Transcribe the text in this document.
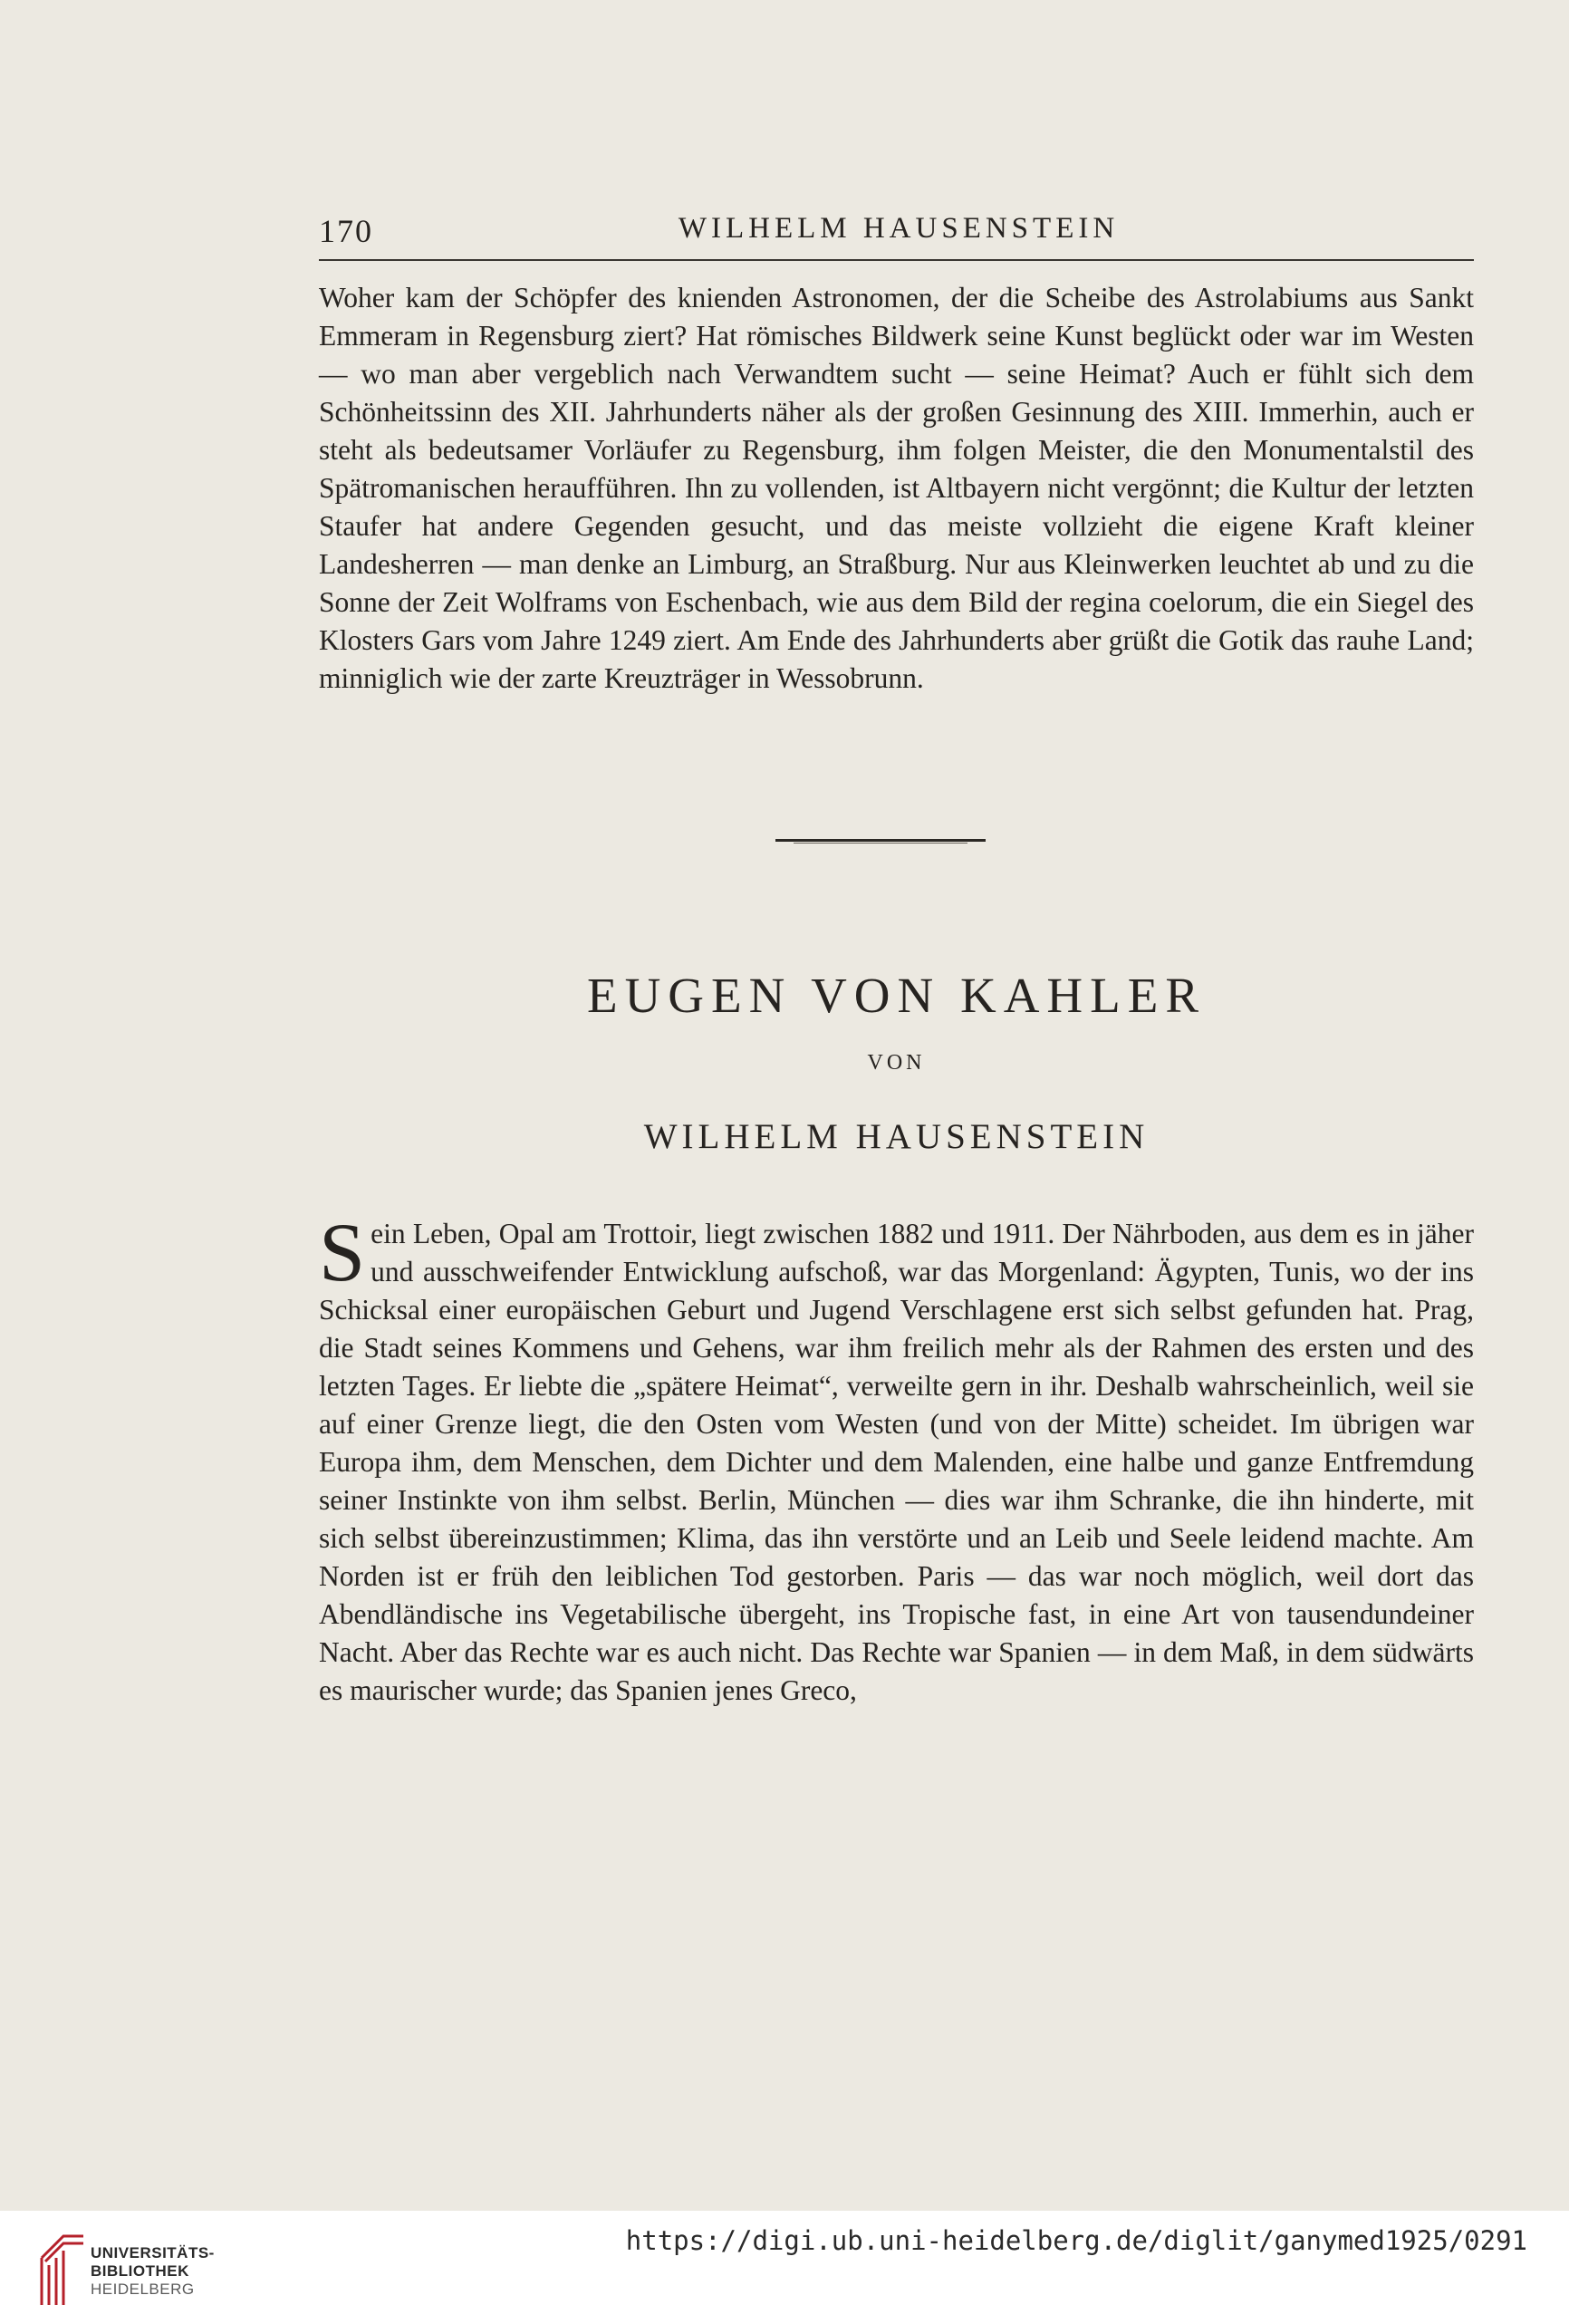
170	WILHELM HAUSENSTEIN

Woher kam der Schöpfer des knienden Astronomen, der die Scheibe des Astrolabiums aus Sankt Emmeram in Regensburg ziert? Hat römisches Bildwerk seine Kunst beglückt oder war im Westen — wo man aber vergeblich nach Verwandtem sucht — seine Heimat? Auch er fühlt sich dem Schönheitssinn des XII. Jahrhunderts näher als der großen Gesinnung des XIII. Immerhin, auch er steht als bedeutsamer Vorläufer zu Regensburg, ihm folgen Meister, die den Monumentalstil des Spätromanischen heraufführen. Ihn zu vollenden, ist Altbayern nicht vergönnt; die Kultur der letzten Staufer hat andere Gegenden gesucht, und das meiste vollzieht die eigene Kraft kleiner Landesherren — man denke an Limburg, an Straßburg. Nur aus Kleinwerken leuchtet ab und zu die Sonne der Zeit Wolframs von Eschenbach, wie aus dem Bild der regina coelorum, die ein Siegel des Klosters Gars vom Jahre 1249 ziert. Am Ende des Jahrhunderts aber grüßt die Gotik das rauhe Land; minniglich wie der zarte Kreuzträger in Wessobrunn.

EUGEN VON KAHLER
VON
WILHELM HAUSENSTEIN

Sein Leben, Opal am Trottoir, liegt zwischen 1882 und 1911. Der Nährboden, aus dem es in jäher und ausschweifender Entwicklung aufschoß, war das Morgenland: Ägypten, Tunis, wo der ins Schicksal einer europäischen Geburt und Jugend Verschlagene erst sich selbst gefunden hat. Prag, die Stadt seines Kommens und Gehens, war ihm freilich mehr als der Rahmen des ersten und des letzten Tages. Er liebte die „spätere Heimat“, verweilte gern in ihr. Deshalb wahrscheinlich, weil sie auf einer Grenze liegt, die den Osten vom Westen (und von der Mitte) scheidet. Im übrigen war Europa ihm, dem Menschen, dem Dichter und dem Malenden, eine halbe und ganze Entfremdung seiner Instinkte von ihm selbst. Berlin, München — dies war ihm Schranke, die ihn hinderte, mit sich selbst übereinzustimmen; Klima, das ihn verstörte und an Leib und Seele leidend machte. Am Norden ist er früh den leiblichen Tod gestorben. Paris — das war noch möglich, weil dort das Abendländische ins Vegetabilische übergeht, ins Tropische fast, in eine Art von tausendundeiner Nacht. Aber das Rechte war es auch nicht. Das Rechte war Spanien — in dem Maß, in dem südwärts es maurischer wurde; das Spanien jenes Greco,

UNIVERSITÄTS-
BIBLIOTHEK
HEIDELBERG
https://digi.ub.uni-heidelberg.de/diglit/ganymed1925/0291
